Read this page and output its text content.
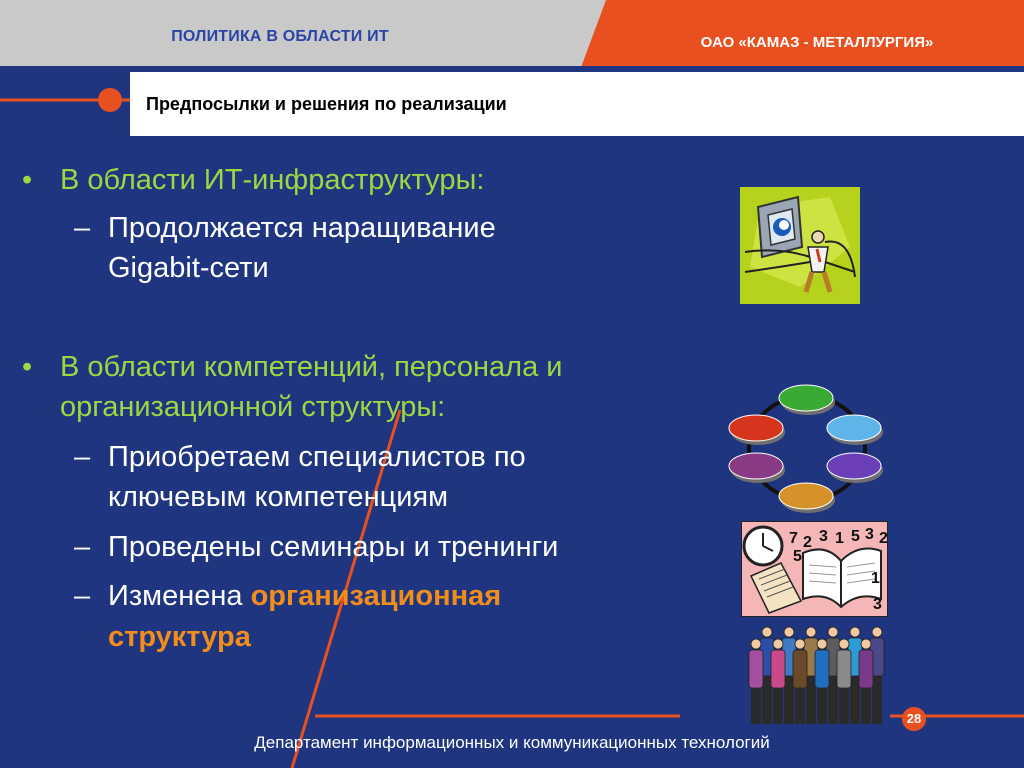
ПОЛИТИКА В ОБЛАСТИ ИТ	ОАО «КАМАЗ - МЕТАЛЛУРГИЯ»
Предпосылки и решения по реализации
• В области ИТ-инфраструктуры:
– Продолжается наращивание
Gigabit-сети
• В области компетенций, персонала и
организационной структуры:
– Приобретаем специалистов по
ключевым компетенциям
– Проведены семинары и тренинги
– Изменена организационная
структура
7 2 3 1 5 3 2
5
1
3
28
Департамент информационных и коммуникационных технологий
